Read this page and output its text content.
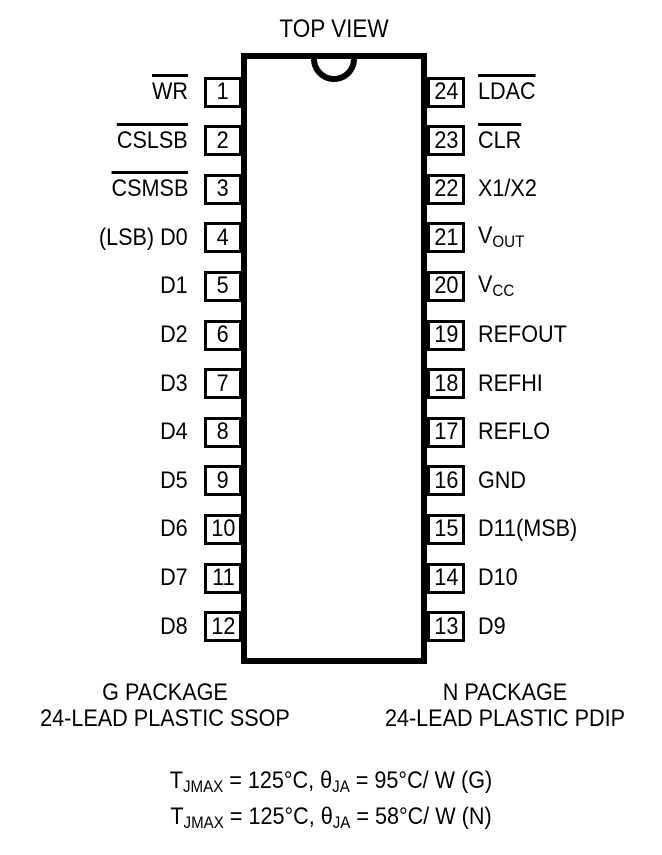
TOP VIEW
1
WR
2
CSLSB
3
CSMSB
4
(LSB) D0
5
D1
6
D2
7
D3
8
D4
9
D5
10
D6
11
D7
12
D8
24 LDAC
23 CLR
22 X1/X2
21 $V_{OUT}$
20 $V_{CC}$
19 REFOUT
18 REFHI
17 REFLO
16 GND
15 D11(MSB)
14 D10
13 D9
G PACKAGE
24-LEAD PLASTIC SSOP
N PACKAGE
24-LEAD PLASTIC PDIP
$T_{JMAX} = 125^\circ C$, $\theta_{JA} = 95^\circ C/$ W (G)
$T_{JMAX} = 125^\circ C$, $\theta_{JA} = 58^\circ C/$ W (N)
